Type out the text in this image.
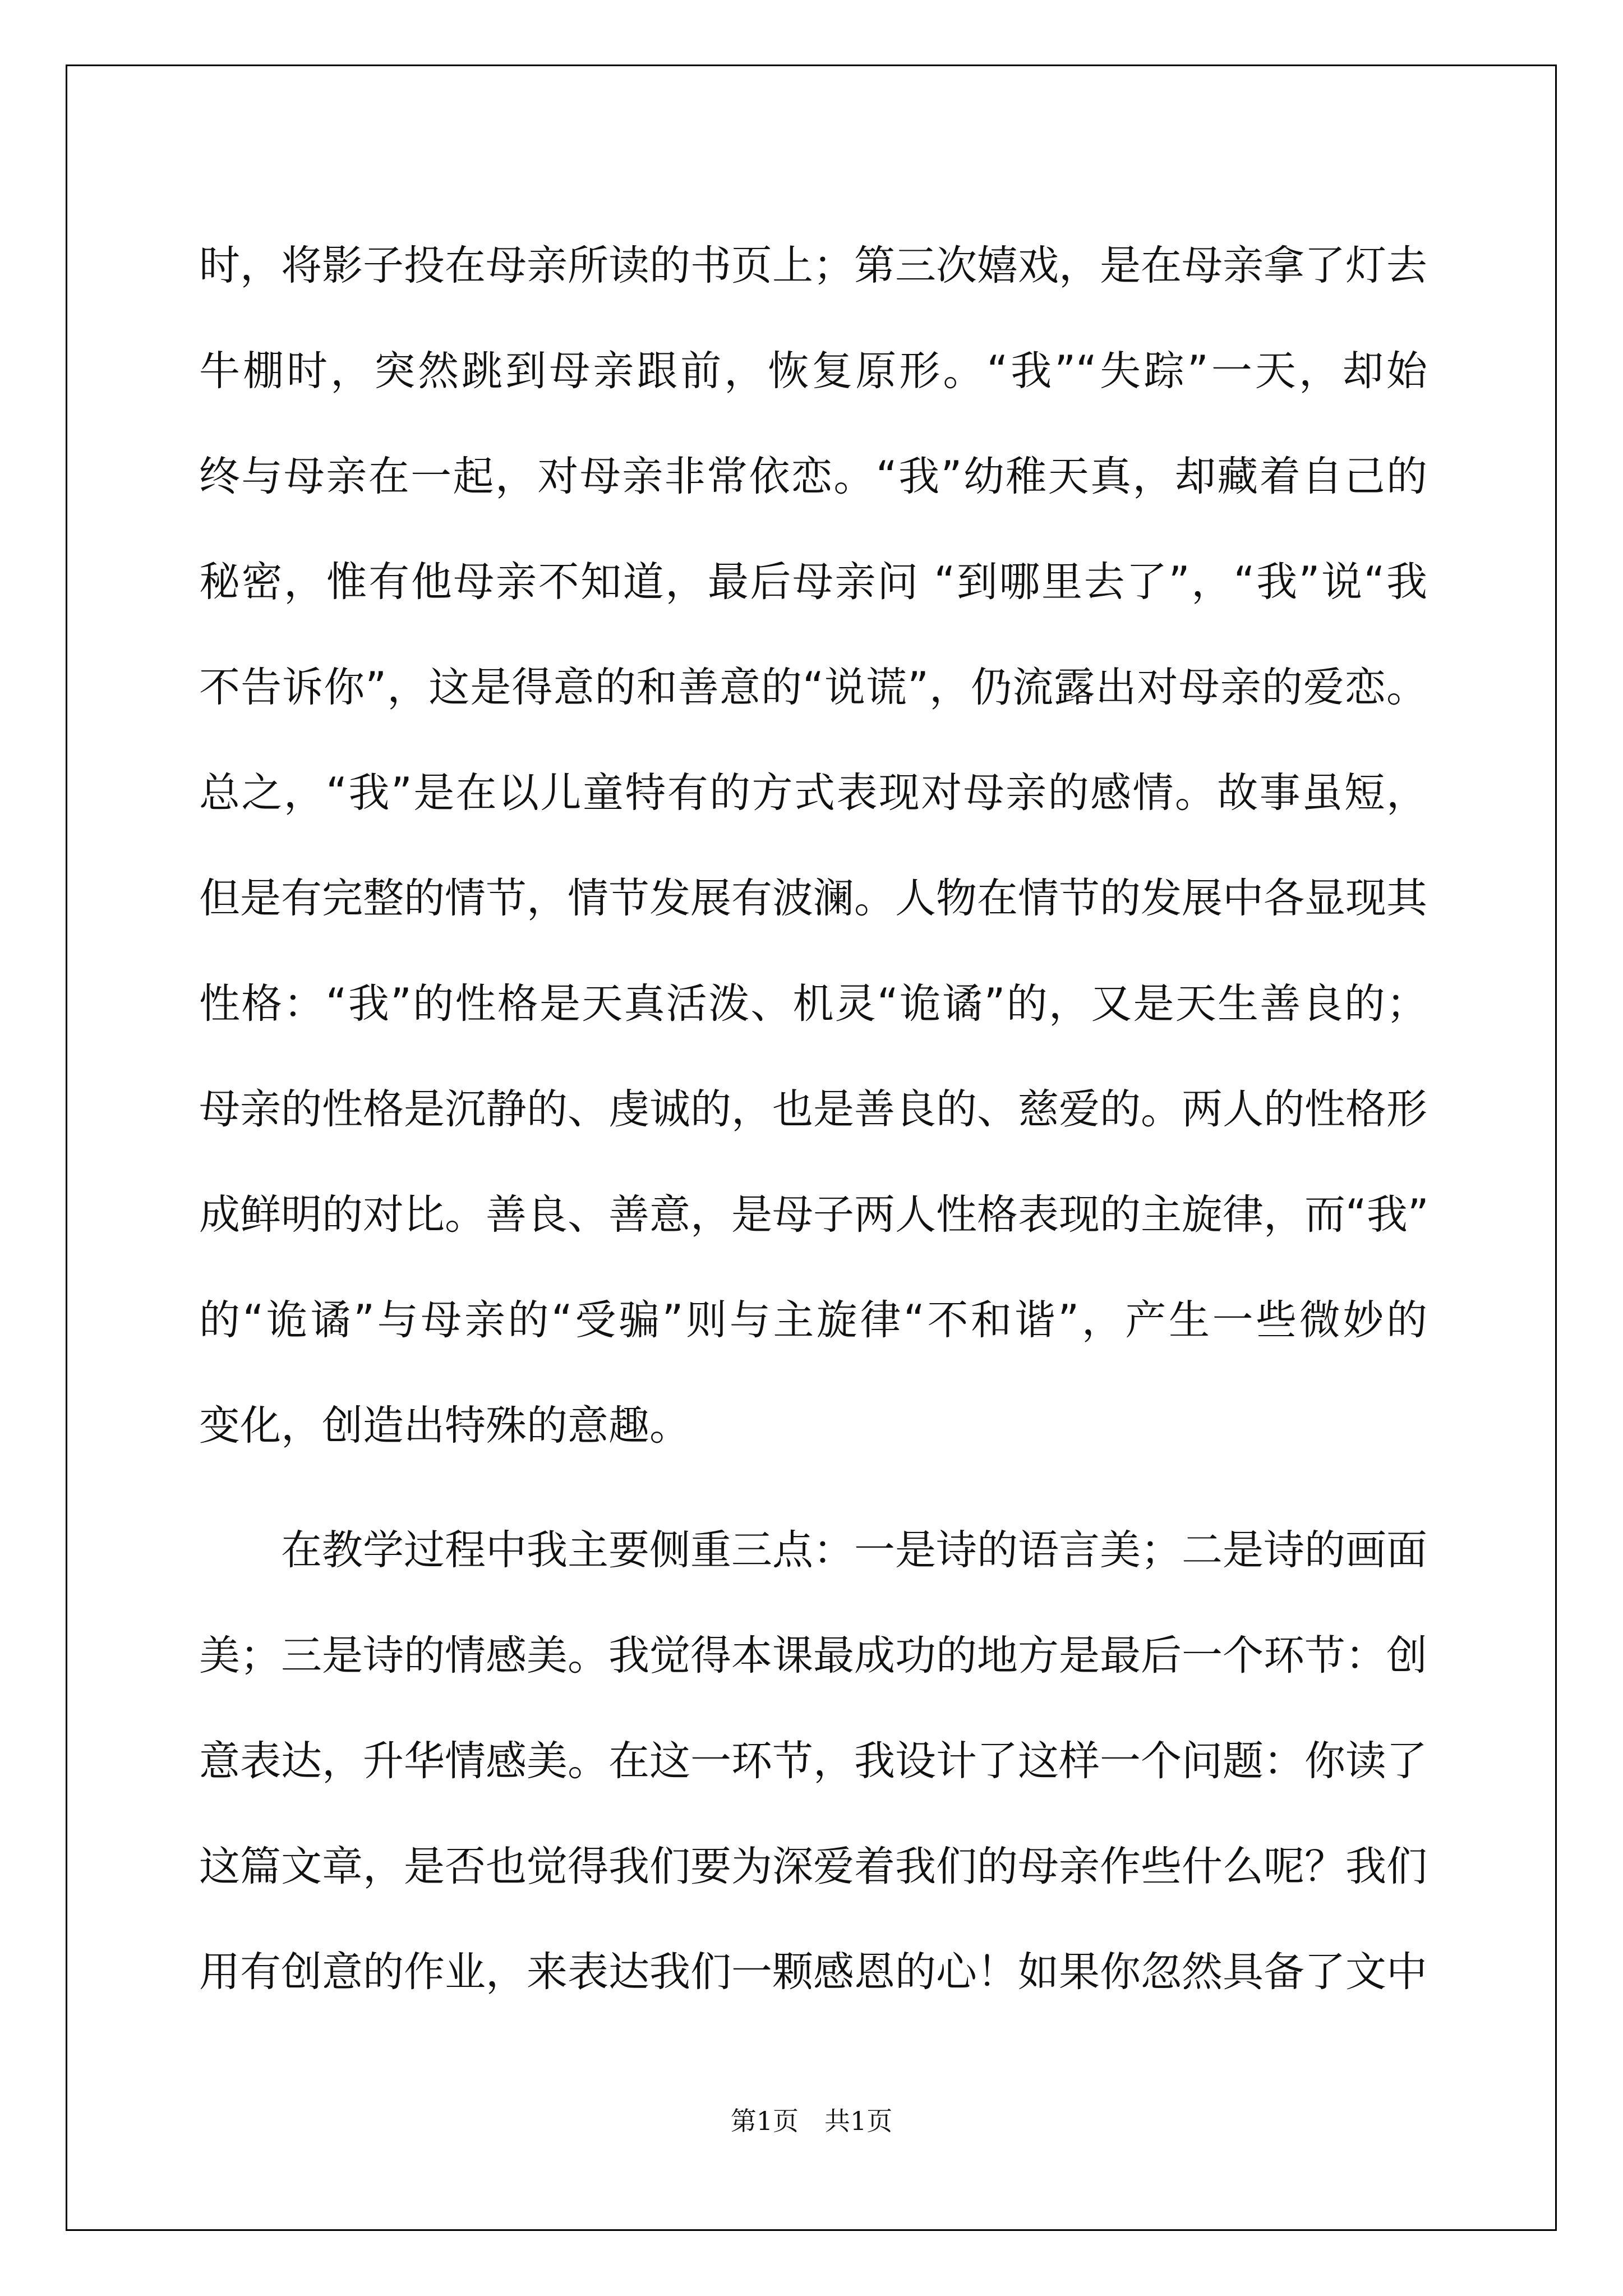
时，将影子投在母亲所读的书页上；第三次嬉戏，是在母亲拿了灯去
牛棚时，突然跳到母亲跟前，恢复原形。“我”“失踪”一天，却始
终与母亲在一起，对母亲非常依恋。“我”幼稚天真，却藏着自己的
秘密，惟有他母亲不知道，最后母亲问 “到哪里去了”，“我”说“我
不告诉你”，这是得意的和善意的“说谎”，仍流露出对母亲的爱恋。
总之，“我”是在以儿童特有的方式表现对母亲的感情。故事虽短，
但是有完整的情节，情节发展有波澜。人物在情节的发展中各显现其
性格：“我”的性格是天真活泼、机灵“诡谲”的，又是天生善良的；
母亲的性格是沉静的、虔诚的，也是善良的、慈爱的。两人的性格形
成鲜明的对比。善良、善意，是母子两人性格表现的主旋律，而“我”
的“诡谲”与母亲的“受骗”则与主旋律“不和谐”，产生一些微妙的
变化，创造出特殊的意趣。
在教学过程中我主要侧重三点：一是诗的语言美；二是诗的画面
美；三是诗的情感美。我觉得本课最成功的地方是最后一个环节：创
意表达，升华情感美。在这一环节，我设计了这样一个问题：你读了
这篇文章，是否也觉得我们要为深爱着我们的母亲作些什么呢？我们
用有创意的作业，来表达我们一颗感恩的心！如果你忽然具备了文中
第1页　共1页
